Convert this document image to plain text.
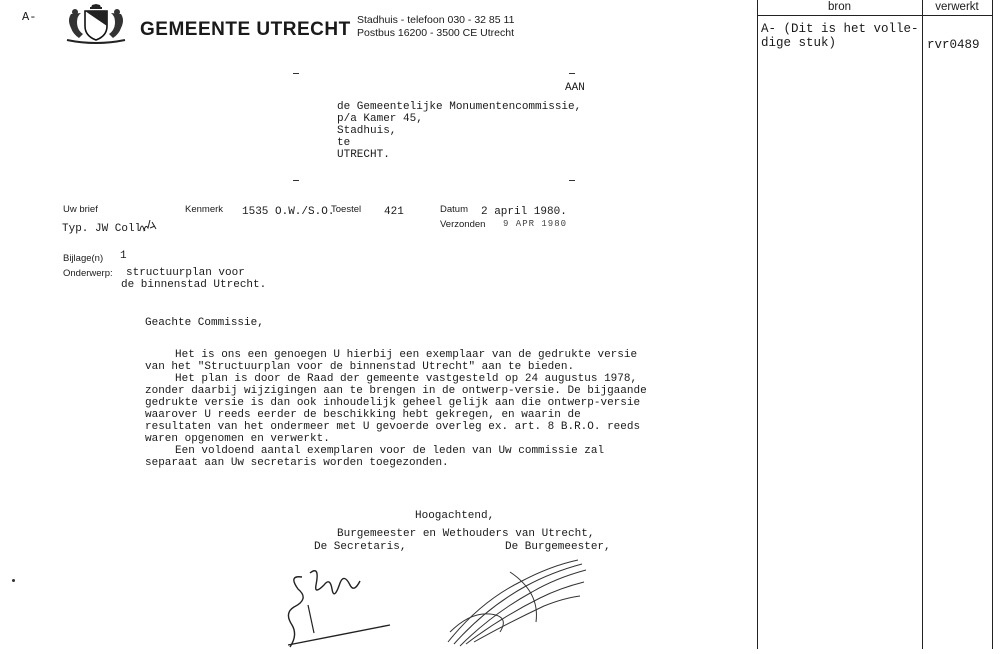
A-
GEMEENTE UTRECHT Stadhuis - telefoon 030 - 32 85 11
Postbus 16200 - 3500 CE Utrecht
AAN
de Gemeentelijke Monumentencommissie,
p/a Kamer 45,
Stadhuis,
te
UTRECHT.
Uw brief
Typ. JW Coll.
Kenmerk 1535 O.W./S.O.
Toestel 421	Datum 2 april 1980.
Verzonden 9 APR 1980
Bijlage(n) 1
Onderwerp: structuurplan voor
de binnenstad Utrecht.
Geachte Commissie,
Het is ons een genoegen U hierbij een exemplaar van de gedrukte versie
van het "Structuurplan voor de binnenstad Utrecht" aan te bieden.
Het plan is door de Raad der gemeente vastgesteld op 24 augustus 1978,
zonder daarbij wijzigingen aan te brengen in de ontwerp-versie. De bijgaande
gedrukte versie is dan ook inhoudelijk geheel gelijk aan die ontwerp-versie
waarover U reeds eerder de beschikking hebt gekregen, en waarin de
resultaten van het ondermeer met U gevoerde overleg ex. art. 8 B.R.O. reeds
waren opgenomen en verwerkt.
Een voldoend aantal exemplaren voor de leden van Uw commissie zal
separaat aan Uw secretaris worden toegezonden.
Hoogachtend,
Burgemeester en Wethouders van Utrecht,
De Secretaris,	De Burgemeester,
bron	verwerkt
A- (Dit is het volle-
dige stuk)	rvr0489
